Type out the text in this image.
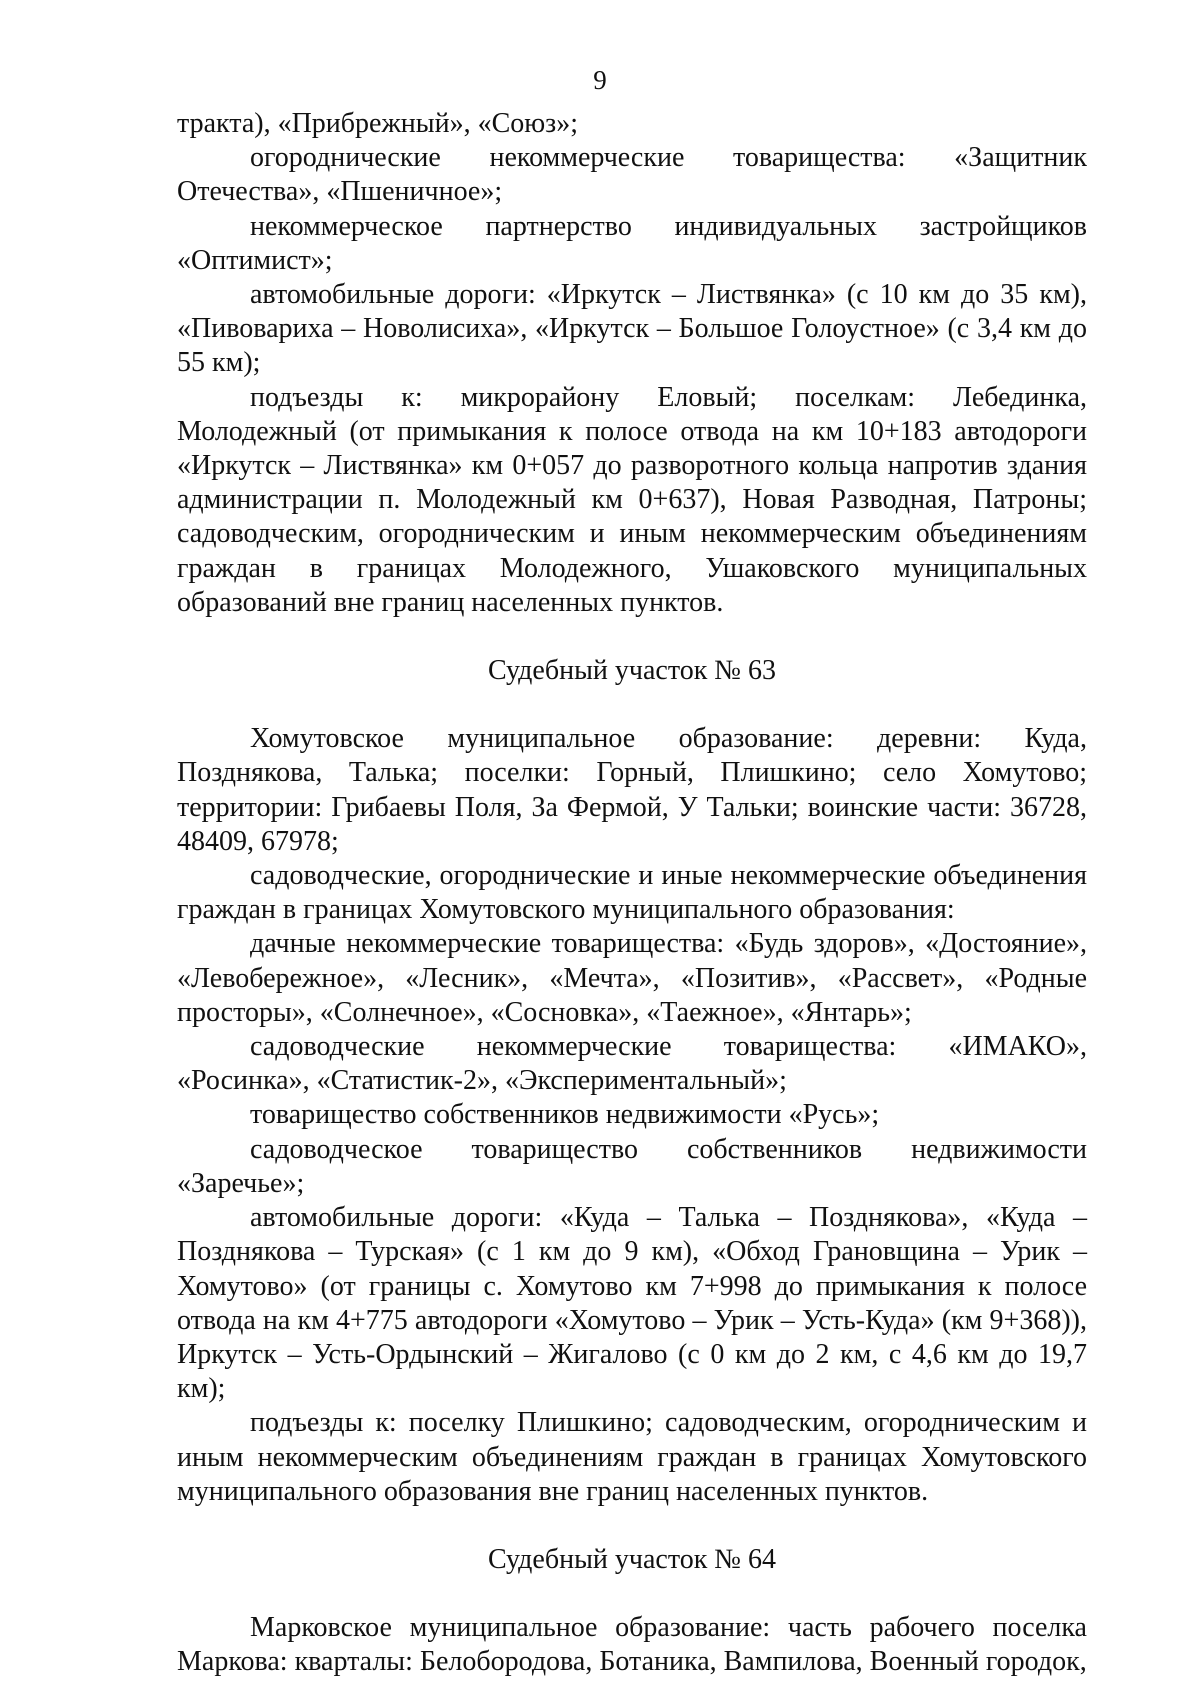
9

тракта), «Прибрежный», «Союз»;

огороднические некоммерческие товарищества: «Защитник Отечества», «Пшеничное»;

некоммерческое партнерство индивидуальных застройщиков «Оптимист»;

автомобильные дороги: «Иркутск – Листвянка» (с 10 км до 35 км), «Пивовариха – Новолисиха», «Иркутск – Большое Голоустное» (с 3,4 км до 55 км);

подъезды к: микрорайону Еловый; поселкам: Лебединка, Молодежный (от примыкания к полосе отвода на км 10+183 автодороги «Иркутск – Листвянка» км 0+057 до разворотного кольца напротив здания администрации п. Молодежный км 0+637), Новая Разводная, Патроны; садоводческим, огородническим и иным некоммерческим объединениям граждан в границах Молодежного, Ушаковского муниципальных образований вне границ населенных пунктов.

Судебный участок № 63

Хомутовское муниципальное образование: деревни: Куда, Позднякова, Талька; поселки: Горный, Плишкино; село Хомутово; территории: Грибаевы Поля, За Фермой, У Тальки; воинские части: 36728, 48409, 67978;

садоводческие, огороднические и иные некоммерческие объединения граждан в границах Хомутовского муниципального образования:

дачные некоммерческие товарищества: «Будь здоров», «Достояние», «Левобережное», «Лесник», «Мечта», «Позитив», «Рассвет», «Родные просторы», «Солнечное», «Сосновка», «Таежное», «Янтарь»;

садоводческие некоммерческие товарищества: «ИМАКО», «Росинка», «Статистик-2», «Экспериментальный»;

товарищество собственников недвижимости «Русь»;

садоводческое товарищество собственников недвижимости «Заречье»;

автомобильные дороги: «Куда – Талька – Позднякова», «Куда – Позднякова – Турская» (с 1 км до 9 км), «Обход Грановщина – Урик – Хомутово» (от границы с. Хомутово км 7+998 до примыкания к полосе отвода на км 4+775 автодороги «Хомутово – Урик – Усть-Куда» (км 9+368)), Иркутск – Усть-Ордынский – Жигалово (с 0 км до 2 км, с 4,6 км до 19,7 км);

подъезды к: поселку Плишкино; садоводческим, огородническим и иным некоммерческим объединениям граждан в границах Хомутовского муниципального образования вне границ населенных пунктов.

Судебный участок № 64

Марковское муниципальное образование: часть рабочего поселка Маркова: кварталы: Белобородова, Ботаника, Вампилова, Военный городок,
